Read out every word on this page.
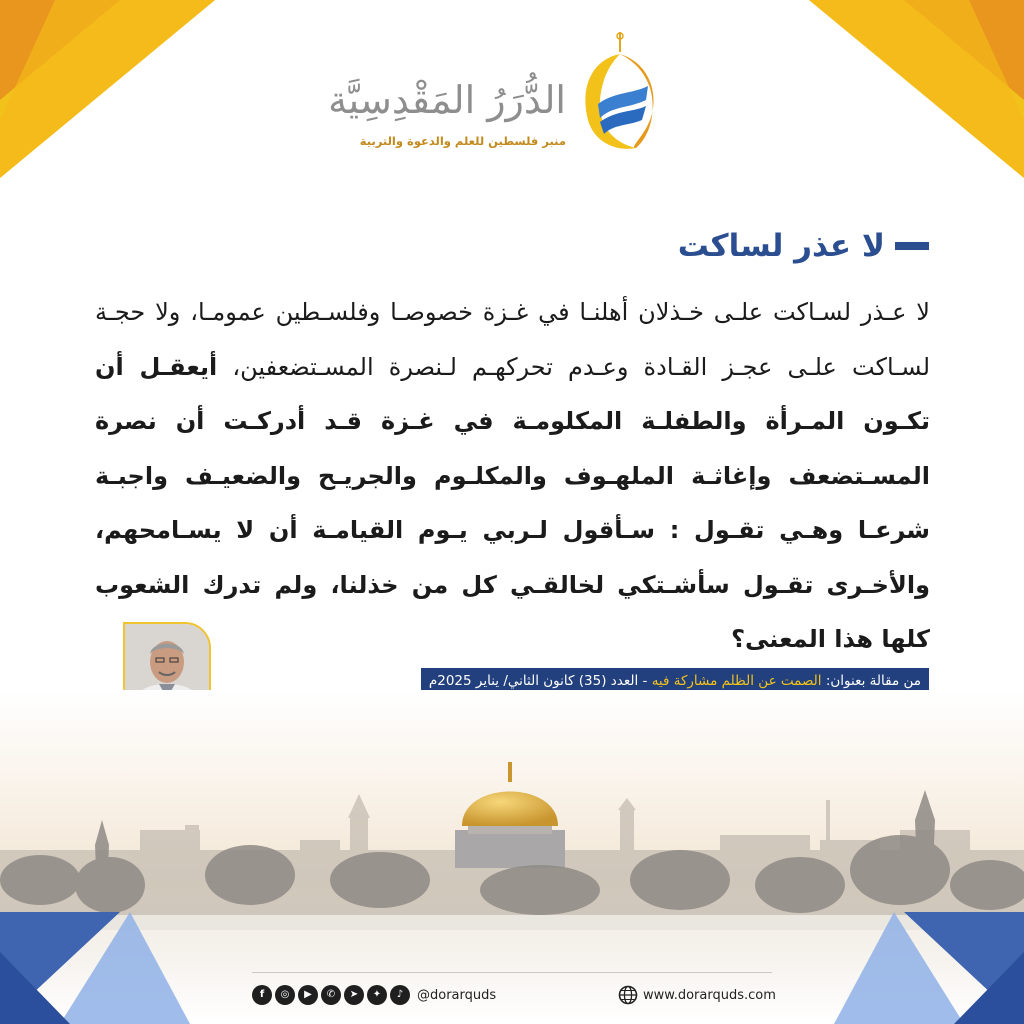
الدُّرَرُ المَقْدِسِيَّة
منبر فلسطين للعلم والدعوة والتربية
لا عذر لساكت
لا عـذر لسـاكت علـى خـذلان أهلنـا في غـزة خصوصـا وفلسـطين عمومـا، ولا حجـة لسـاكت علـى عجـز القـادة وعـدم تحركهـم لـنصرة المسـتضعفين، أيعقـل أن تكـون المـرأة والطفلـة المكلومـة في غـزة قـد أدركـت أن نصرة المسـتضعف وإغاثـة الملهـوف والمكلـوم والجريـح والضعيـف واجبـة شرعـا وهـي تقـول : سـأقول لـربي يـوم القيامـة أن لا يسـامحهم، والأخـرى تقـول سأشـتكي لخالقـي كل من خذلنا، ولم تدرك الشعوب كلها هذا المعنى؟
من مقالة بعنوان: الصمت عن الظلم مشاركة فيه - العدد (35) كانون الثاني/ يناير 2025م
f	◎	▶	✆	➤	✦	♪	@dorarquds	www.dorarquds.com
